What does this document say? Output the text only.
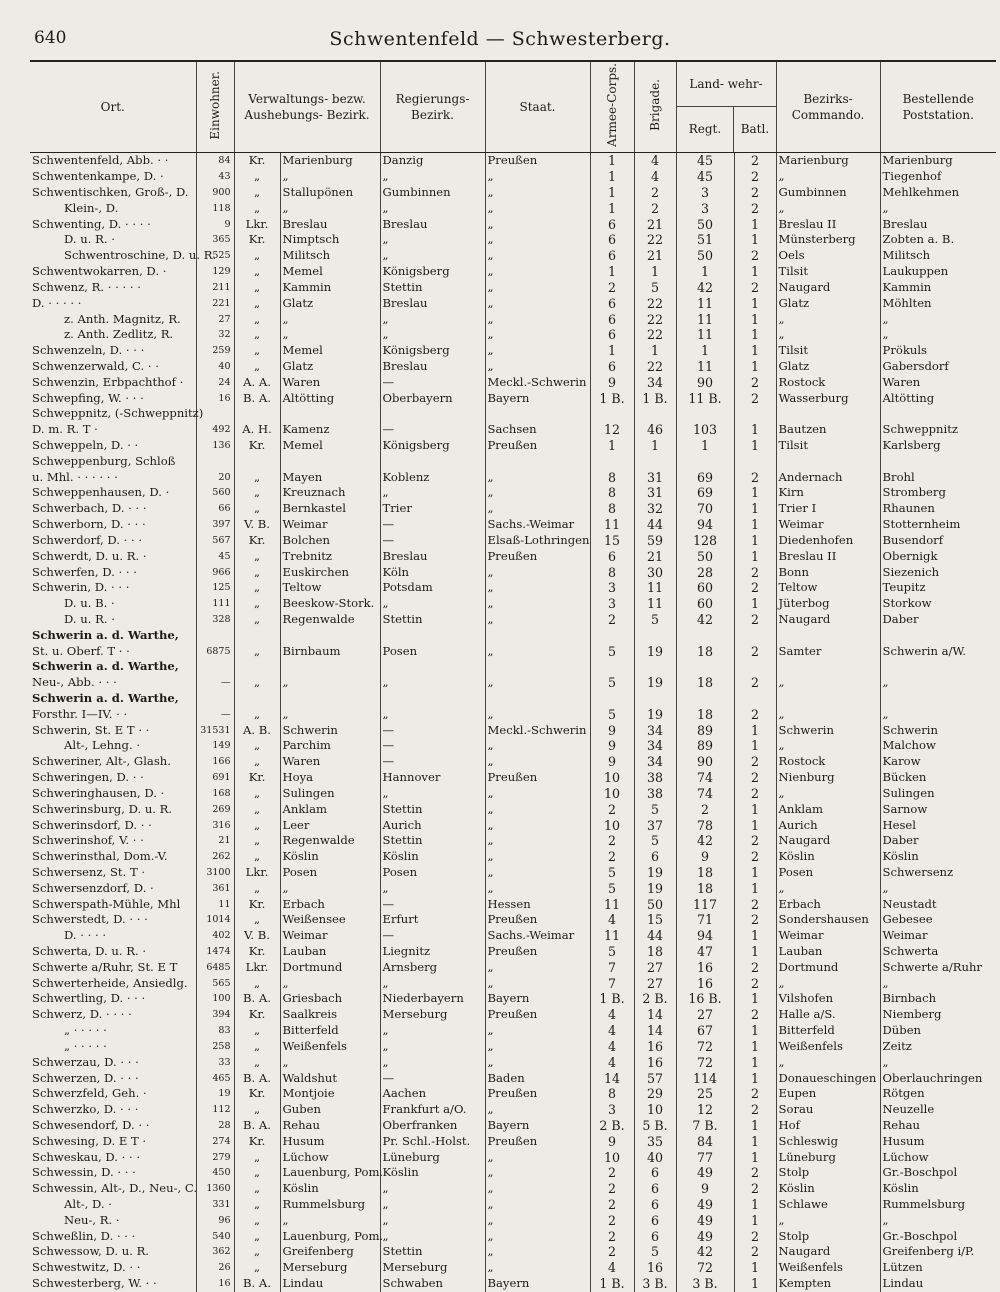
640	Schwentenfeld — Schwesterberg.
Ort.	Einwohner.	Verwaltungs- bezw. Aushebungs- Bezirk.		Regierungs- Bezirk.	Staat.	Armee-Corps.	Brigade.	Land- wehr-
Regt. Batl.		Bezirks- Commando.	Bestellende Poststation.
Schwentenfeld, Abb. · ·	84	Kr.	Marienburg	Danzig	Preußen	1	4	45	2	Marienburg	Marienburg
Schwentenkampe, D. ·	43	„	„	„	„	1	4	45	2	„	Tiegenhof
Schwentischken, Groß-, D.	900	„	Stallupönen	Gumbinnen	„	1	2	3	2	Gumbinnen	Mehlkehmen
Klein-, D.	118	„	„	„	„	1	2	3	2	„	„
Schwenting, D. · · · ·	9	Lkr.	Breslau	Breslau	„	6	21	50	1	Breslau II	Breslau
D. u. R. ·	365	Kr.	Nimptsch	„	„	6	22	51	1	Münsterberg	Zobten a. B.
Schwentroschine, D. u. R.	525	„	Militsch	„	„	6	21	50	2	Oels	Militsch
Schwentwokarren, D. ·	129	„	Memel	Königsberg	„	1	1	1	1	Tilsit	Laukuppen
Schwenz, R. · · · · ·	211	„	Kammin	Stettin	„	2	5	42	2	Naugard	Kammin
D. · · · · ·	221	„	Glatz	Breslau	„	6	22	11	1	Glatz	Möhlten
z. Anth. Magnitz, R.	27	„	„	„	„	6	22	11	1	„	„
z. Anth. Zedlitz, R.	32	„	„	„	„	6	22	11	1	„	„
Schwenzeln, D. · · ·	259	„	Memel	Königsberg	„	1	1	1	1	Tilsit	Prökuls
Schwenzerwald, C. · ·	40	„	Glatz	Breslau	„	6	22	11	1	Glatz	Gabersdorf
Schwenzin, Erbpachthof ·	24	A. A.	Waren	—	Meckl.-Schwerin	9	34	90	2	Rostock	Waren
Schwepfing, W. · · ·	16	B. A.	Altötting	Oberbayern	Bayern	1 B.	1 B.	11 B.	2	Wasserburg	Altötting
Schweppnitz, (-Schweppnitz)											
D. m. R. T ·	492	A. H.	Kamenz	—	Sachsen	12	46	103	1	Bautzen	Schweppnitz
Schweppeln, D. · ·	136	Kr.	Memel	Königsberg	Preußen	1	1	1	1	Tilsit	Karlsberg
Schweppenburg, Schloß											
u. Mhl. · · · · · ·	20	„	Mayen	Koblenz	„	8	31	69	2	Andernach	Brohl
Schweppenhausen, D. ·	560	„	Kreuznach	„	„	8	31	69	1	Kirn	Stromberg
Schwerbach, D. · · ·	66	„	Bernkastel	Trier	„	8	32	70	1	Trier I	Rhaunen
Schwerborn, D. · · ·	397	V. B.	Weimar	—	Sachs.-Weimar	11	44	94	1	Weimar	Stotternheim
Schwerdorf, D. · · ·	567	Kr.	Bolchen	—	Elsaß-Lothringen	15	59	128	1	Diedenhofen	Busendorf
Schwerdt, D. u. R. ·	45	„	Trebnitz	Breslau	Preußen	6	21	50	1	Breslau II	Obernigk
Schwerfen, D. · · ·	966	„	Euskirchen	Köln	„	8	30	28	2	Bonn	Siezenich
Schwerin, D. · · ·	125	„	Teltow	Potsdam	„	3	11	60	2	Teltow	Teupitz
D. u. B. ·	111	„	Beeskow-Stork.	„	„	3	11	60	1	Jüterbog	Storkow
D. u. R. ·	328	„	Regenwalde	Stettin	„	2	5	42	2	Naugard	Daber
Schwerin a. d. Warthe,											
St. u. Oberf. T · ·	6875	„	Birnbaum	Posen	„	5	19	18	2	Samter	Schwerin a/W.
Schwerin a. d. Warthe,											
Neu-, Abb. · · ·	—	„	„	„	„	5	19	18	2	„	„
Schwerin a. d. Warthe,											
Forsthr. I—IV. · ·	—	„	„	„	„	5	19	18	2	„	„
Schwerin, St. E T · ·	31531	A. B.	Schwerin	—	Meckl.-Schwerin	9	34	89	1	Schwerin	Schwerin
Alt-, Lehng. ·	149	„	Parchim	—	„	9	34	89	1	„	Malchow
Schweriner, Alt-, Glash.	166	„	Waren	—	„	9	34	90	2	Rostock	Karow
Schweringen, D. · ·	691	Kr.	Hoya	Hannover	Preußen	10	38	74	2	Nienburg	Bücken
Schweringhausen, D. ·	168	„	Sulingen	„	„	10	38	74	2	„	Sulingen
Schwerinsburg, D. u. R.	269	„	Anklam	Stettin	„	2	5	2	1	Anklam	Sarnow
Schwerinsdorf, D. · ·	316	„	Leer	Aurich	„	10	37	78	1	Aurich	Hesel
Schwerinshof, V. · ·	21	„	Regenwalde	Stettin	„	2	5	42	2	Naugard	Daber
Schwerinsthal, Dom.-V.	262	„	Köslin	Köslin	„	2	6	9	2	Köslin	Köslin
Schwersenz, St. T ·	3100	Lkr.	Posen	Posen	„	5	19	18	1	Posen	Schwersenz
Schwersenzdorf, D. ·	361	„	„	„	„	5	19	18	1	„	„
Schwerspath-Mühle, Mhl	11	Kr.	Erbach	—	Hessen	11	50	117	2	Erbach	Neustadt
Schwerstedt, D. · · ·	1014	„	Weißensee	Erfurt	Preußen	4	15	71	2	Sondershausen	Gebesee
D. · · · ·	402	V. B.	Weimar	—	Sachs.-Weimar	11	44	94	1	Weimar	Weimar
Schwerta, D. u. R. ·	1474	Kr.	Lauban	Liegnitz	Preußen	5	18	47	1	Lauban	Schwerta
Schwerte a/Ruhr, St. E T	6485	Lkr.	Dortmund	Arnsberg	„	7	27	16	2	Dortmund	Schwerte a/Ruhr
Schwerterheide, Ansiedlg.	565	„	„	„	„	7	27	16	2	„	„
Schwertling, D. · · ·	100	B. A.	Griesbach	Niederbayern	Bayern	1 B.	2 B.	16 B.	1	Vilshofen	Birnbach
Schwerz, D. · · · ·	394	Kr.	Saalkreis	Merseburg	Preußen	4	14	27	2	Halle a/S.	Niemberg
„ · · · · ·	83	„	Bitterfeld	„	„	4	14	67	1	Bitterfeld	Düben
„ · · · · ·	258	„	Weißenfels	„	„	4	16	72	1	Weißenfels	Zeitz
Schwerzau, D. · · ·	33	„	„	„	„	4	16	72	1	„	„
Schwerzen, D. · · ·	465	B. A.	Waldshut	—	Baden	14	57	114	1	Donaueschingen	Oberlauchringen
Schwerzfeld, Geh. ·	19	Kr.	Montjoie	Aachen	Preußen	8	29	25	2	Eupen	Rötgen
Schwerzko, D. · · ·	112	„	Guben	Frankfurt a/O.	„	3	10	12	2	Sorau	Neuzelle
Schwesendorf, D. · ·	28	B. A.	Rehau	Oberfranken	Bayern	2 B.	5 B.	7 B.	1	Hof	Rehau
Schwesing, D. E T ·	274	Kr.	Husum	Pr. Schl.-Holst.	Preußen	9	35	84	1	Schleswig	Husum
Schweskau, D. · · ·	279	„	Lüchow	Lüneburg	„	10	40	77	1	Lüneburg	Lüchow
Schwessin, D. · · ·	450	„	Lauenburg, Pom.	Köslin	„	2	6	49	2	Stolp	Gr.-Boschpol
Schwessin, Alt-, D., Neu-, C.	1360	„	Köslin	„	„	2	6	9	2	Köslin	Köslin
Alt-, D. ·	331	„	Rummelsburg	„	„	2	6	49	1	Schlawe	Rummelsburg
Neu-, R. ·	96	„	„	„	„	2	6	49	1	„	„
Schweßlin, D. · · ·	540	„	Lauenburg, Pom.	„	„	2	6	49	2	Stolp	Gr.-Boschpol
Schwessow, D. u. R.	362	„	Greifenberg	Stettin	„	2	5	42	2	Naugard	Greifenberg i/P.
Schwestwitz, D. · ·	26	„	Merseburg	Merseburg	„	4	16	72	1	Weißenfels	Lützen
Schwesterberg, W. · ·	16	B. A.	Lindau	Schwaben	Bayern	1 B.	3 B.	3 B.	1	Kempten	Lindau
